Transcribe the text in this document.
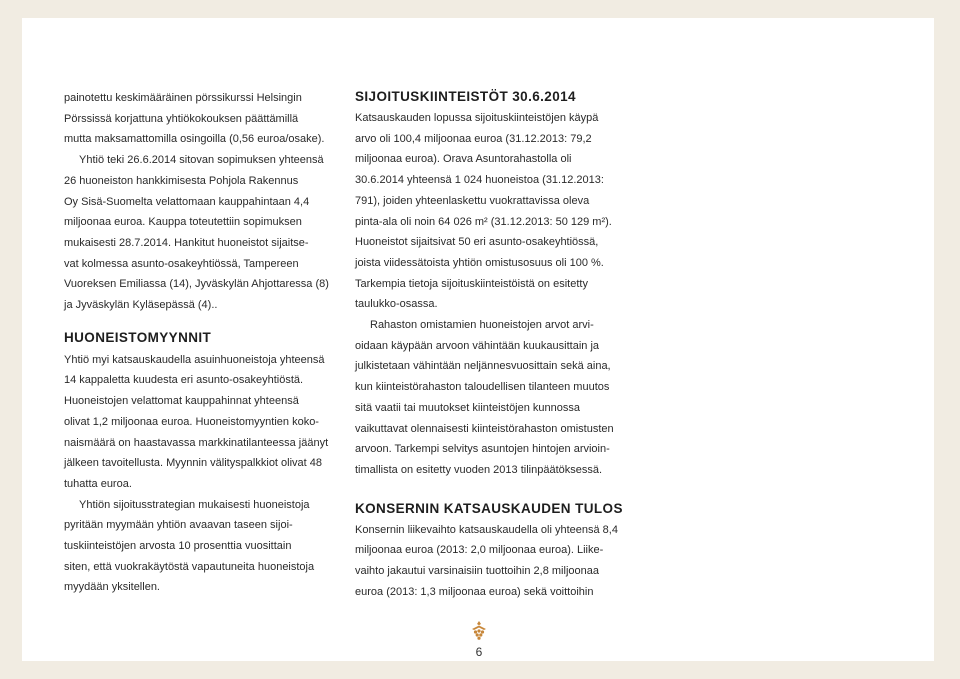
painotettu keskimääräinen pörssikurssi Helsingin

Pörssissä korjattuna yhtiökokouksen päättämillä

mutta maksamattomilla osingoilla (0,56 euroa/osake).

Yhtiö teki 26.6.2014 sitovan sopimuksen yhteensä

26 huoneiston hankkimisesta Pohjola Rakennus

Oy Sisä-Suomelta velattomaan kauppahintaan 4,4

miljoonaa euroa. Kauppa toteutettiin sopimuksen

mukaisesti 28.7.2014. Hankitut huoneistot sijaitse-

vat kolmessa asunto-osakeyhtiössä, Tampereen

Vuoreksen Emiliassa (14), Jyväskylän Ahjottaressa (8)

ja Jyväskylän Kyläsepässä (4)..

HUONEISTOMYYNNIT

Yhtiö myi katsauskaudella asuinhuoneistoja yhteensä

14 kappaletta kuudesta eri asunto-osakeyhtiöstä.

Huoneistojen velattomat kauppahinnat yhteensä

olivat 1,2 miljoonaa euroa. Huoneistomyyntien koko-

naismäärä on haastavassa markkinatilanteessa jäänyt

jälkeen tavoitellusta. Myynnin välityspalkkiot olivat 48

tuhatta euroa.

Yhtiön sijoitusstrategian mukaisesti huoneistoja

pyritään myymään yhtiön avaavan taseen sijoi-

tuskiinteistöjen arvosta 10 prosenttia vuosittain

siten, että vuokrakäytöstä vapautuneita huoneistoja

myydään yksitellen.

SIJOITUSKIINTEISTÖT 30.6.2014

Katsauskauden lopussa sijoituskiinteistöjen käypä

arvo oli 100,4 miljoonaa euroa (31.12.2013: 79,2

miljoonaa euroa). Orava Asuntorahastolla oli

30.6.2014 yhteensä 1 024 huoneistoa (31.12.2013:

791), joiden yhteenlaskettu vuokrattavissa oleva

pinta-ala oli noin 64 026 m² (31.12.2013: 50 129 m²).

Huoneistot sijaitsivat 50 eri asunto-osakeyhtiössä,

joista viidessätoista yhtiön omistusosuus oli 100 %.

Tarkempia tietoja sijoituskiinteistöistä on esitetty

taulukko-osassa.

Rahaston omistamien huoneistojen arvot arvi-

oidaan käypään arvoon vähintään kuukausittain ja

julkistetaan vähintään neljännesvuosittain sekä aina,

kun kiinteistörahaston taloudellisen tilanteen muutos

sitä vaatii tai muutokset kiinteistöjen kunnossa

vaikuttavat olennaisesti kiinteistörahaston omistusten

arvoon. Tarkempi selvitys asuntojen hintojen arvioin-

timallista on esitetty vuoden 2013 tilinpäätöksessä.

KONSERNIN KATSAUSKAUDEN TULOS

Konsernin liikevaihto katsauskaudella oli yhteensä 8,4

miljoonaa euroa (2013: 2,0 miljoonaa euroa). Liike-

vaihto jakautui varsinaisiin tuottoihin 2,8 miljoonaa

euroa (2013: 1,3 miljoonaa euroa) sekä voittoihin

6
